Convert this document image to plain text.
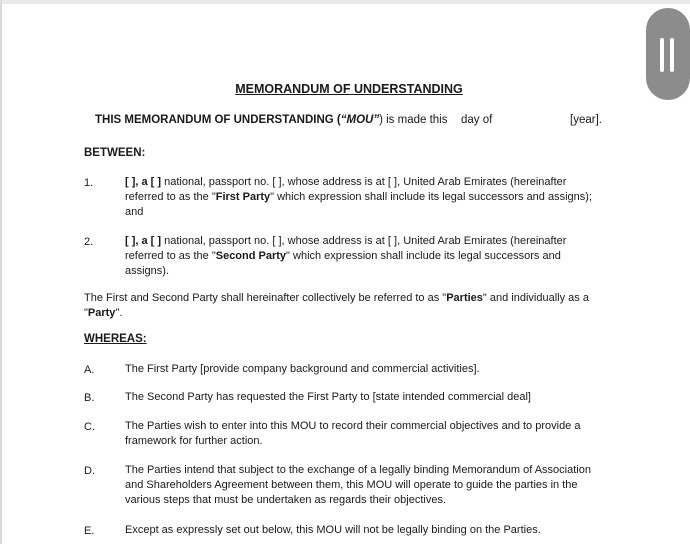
MEMORANDUM OF UNDERSTANDING
THIS MEMORANDUM OF UNDERSTANDING (“MOU”) is made this day of	[year].
BETWEEN:
1.	[ ], a [ ] national, passport no. [ ], whose address is at [ ], United Arab Emirates (hereinafter
referred to as the "First Party" which expression shall include its legal successors and assigns);
and
2.	[ ], a [ ] national, passport no. [ ], whose address is at [ ], United Arab Emirates (hereinafter
referred to as the "Second Party" which expression shall include its legal successors and
assigns).
The First and Second Party shall hereinafter collectively be referred to as "Parties" and individually as a
"Party".
WHEREAS:
A.	The First Party [provide company background and commercial activities].
B.	The Second Party has requested the First Party to [state intended commercial deal]
C.	The Parties wish to enter into this MOU to record their commercial objectives and to provide a
framework for further action.
D.	The Parties intend that subject to the exchange of a legally binding Memorandum of Association
and Shareholders Agreement between them, this MOU will operate to guide the parties in the
various steps that must be undertaken as regards their objectives.
E.	Except as expressly set out below, this MOU will not be legally binding on the Parties.
